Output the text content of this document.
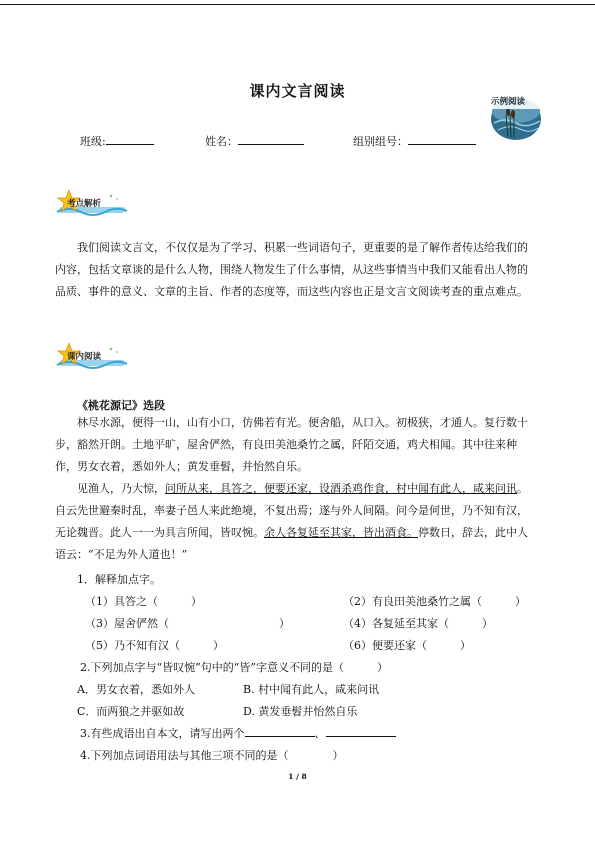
课内文言阅读
示例阅读
班级:	姓名：	组别组号：
考点解析

我们阅读文言文，不仅仅是为了学习、积累一些词语句子，更重要的是了解作者传达给我们的内容，包括文章谈的是什么人物，围绕人物发生了什么事情，从这些事情当中我们又能看出人物的品质、事件的意义、文章的主旨、作者的态度等，而这些内容也正是文言文阅读考查的重点难点。

课内阅读
《桃花源记》选段

林尽水源，便得一山，山有小口，仿佛若有光。便舍船，从口入。初极狭，才通人。复行数十步，豁然开朗。土地平旷，屋舍俨然，有良田美池桑竹之属，阡陌交通，鸡犬相闻。其中往来种作，男女衣着，悉如外人；黄发垂髫，并怡然自乐。

见渔人，乃大惊，问所从来，具答之，便要还家，设酒杀鸡作食，村中闻有此人，咸来问讯。自云先世避秦时乱，率妻子邑人来此绝境，不复出焉；遂与外人间隔。问今是何世，乃不知有汉，无论魏晋。此人一一为具言所闻，皆叹惋。余人各复延至其家，皆出酒食。停数日，辞去，此中人语云：“不足为外人道也！”

1．解释加点字。
（1）具答之（　　　）	（2）有良田美池桑竹之属（　　　）
（3）屋舍俨然（　　　　　　　　　　）	（4）各复延至其家（　　　）
（5）乃不知有汉（　　　）	（6）便要还家（　　　）
2.下列加点字与“皆叹惋”句中的“皆”字意义不同的是（　　　）
A．男女衣着，悉如外人	B. 村中闻有此人，咸来问讯
C．而两狼之并驱如故	D. 黄发垂髫并怡然自乐
3.有些成语出自本文，请写出两个	、
4.下列加点词语用法与其他三项不同的是（　　　　）
1 / 8
